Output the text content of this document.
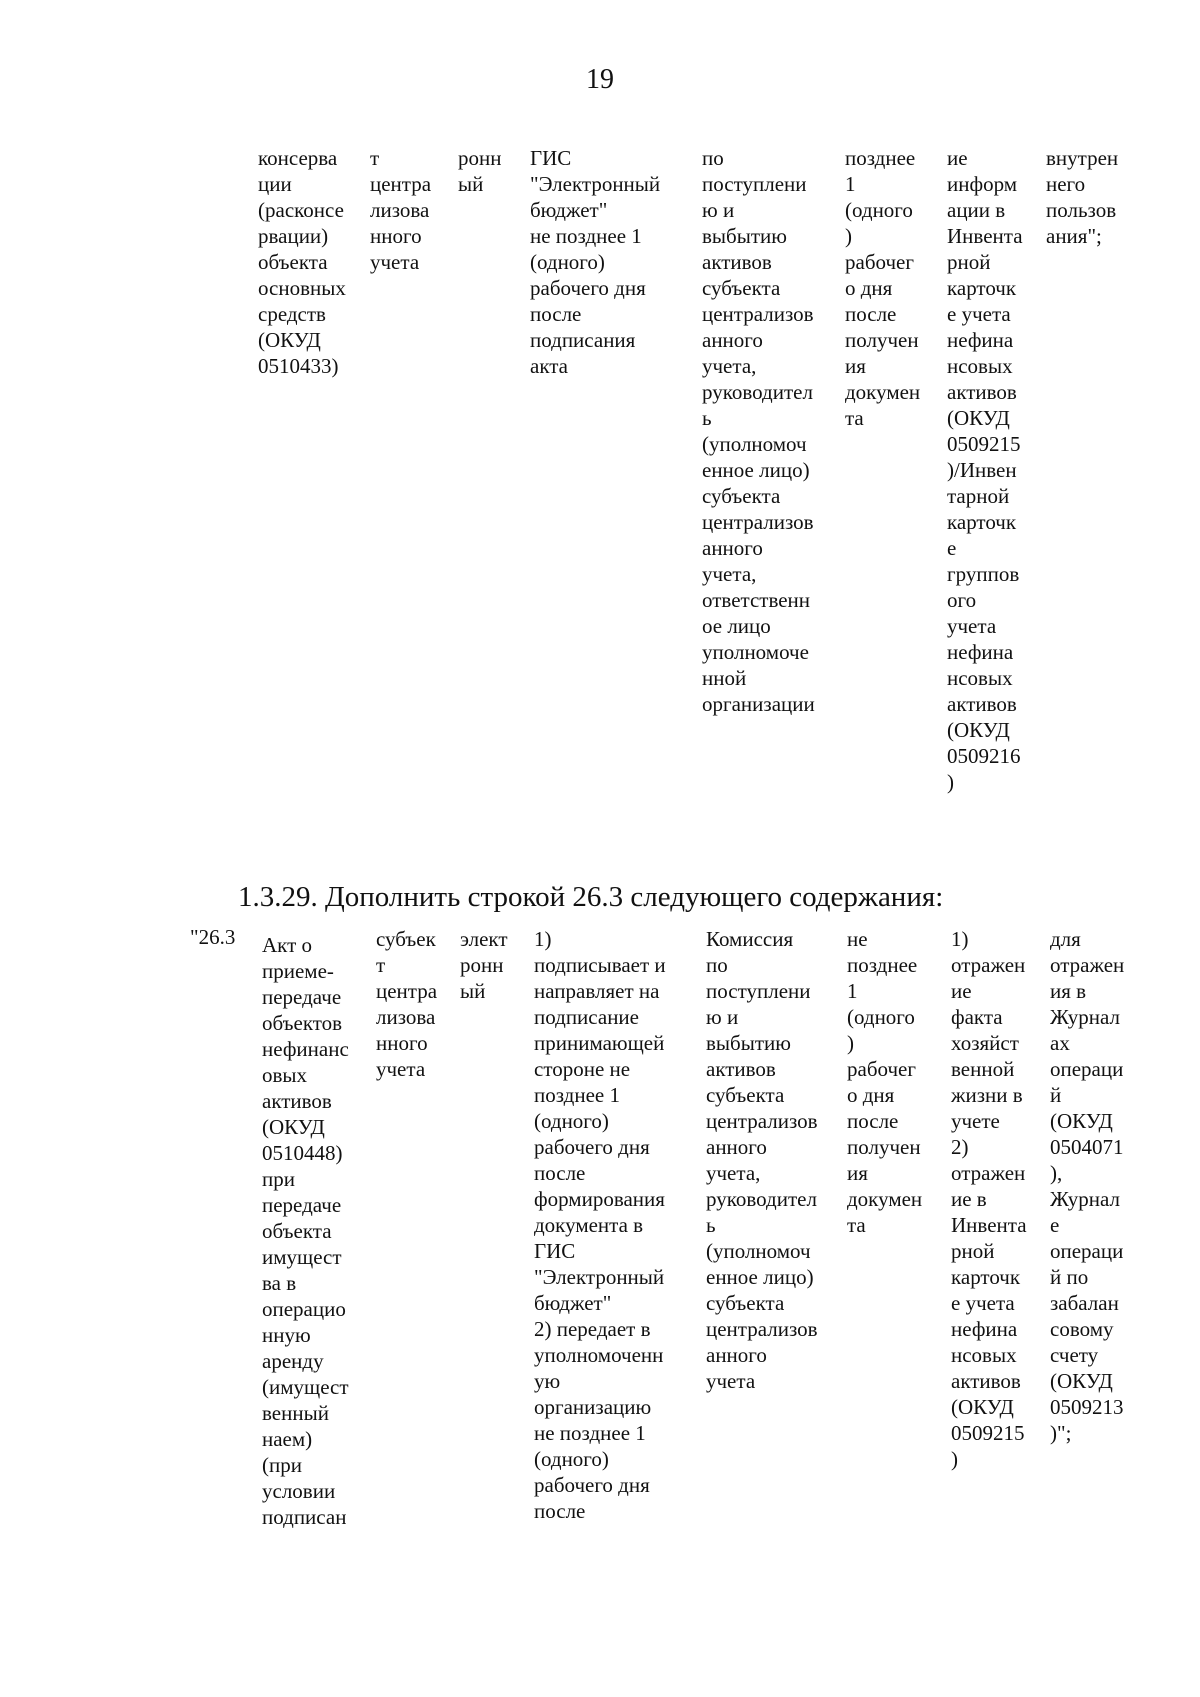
19
консерва
ции
(расконсе
рвации)
объекта
основных
средств
(ОКУД
0510433)
т
центра
лизова
нного
учета
ронн
ый
ГИС
"Электронный
бюджет"
не позднее 1
(одного)
рабочего дня
после
подписания
акта
по
поступлени
ю и
выбытию
активов
субъекта
централизов
анного
учета,
руководител
ь
(уполномоч
енное лицо)
субъекта
централизов
анного
учета,
ответственн
ое лицо
уполномоче
нной
организации
позднее
1
(одного
)
рабочег
о дня
после
получен
ия
докумен
та
ие
информ
ации в
Инвента
рной
карточк
е учета
нефина
нсовых
активов
(ОКУД
0509215
)/Инвен
тарной
карточк
е
группов
ого
учета
нефина
нсовых
активов
(ОКУД
0509216
)
внутрен
него
пользов
ания";
1.3.29. Дополнить строкой 26.3 следующего содержания:
"26.3 Акт о
приеме-
передаче
объектов
нефинанс
овых
активов
(ОКУД
0510448)
при
передаче
объекта
имущест
ва в
операцио
нную
аренду
(имущест
венный
наем)
(при
условии
подписан
субъек
т
центра
лизова
нного
учета
элект
ронн
ый
1)
подписывает и
направляет на
подписание
принимающей
стороне не
позднее 1
(одного)
рабочего дня
после
формирования
документа в
ГИС
"Электронный
бюджет"
2) передает в
уполномоченн
ую
организацию
не позднее 1
(одного)
рабочего дня
после
Комиссия
по
поступлени
ю и
выбытию
активов
субъекта
централизов
анного
учета,
руководител
ь
(уполномоч
енное лицо)
субъекта
централизов
анного
учета
не
позднее
1
(одного
)
рабочег
о дня
после
получен
ия
докумен
та
1)
отражен
ие
факта
хозяйст
венной
жизни в
учете
2)
отражен
ие в
Инвента
рной
карточк
е учета
нефина
нсовых
активов
(ОКУД
0509215
)
для
отражен
ия в
Журнал
ах
операци
й
(ОКУД
0504071
),
Журнал
е
операци
й по
забалан
совому
счету
(ОКУД
0509213
)";
